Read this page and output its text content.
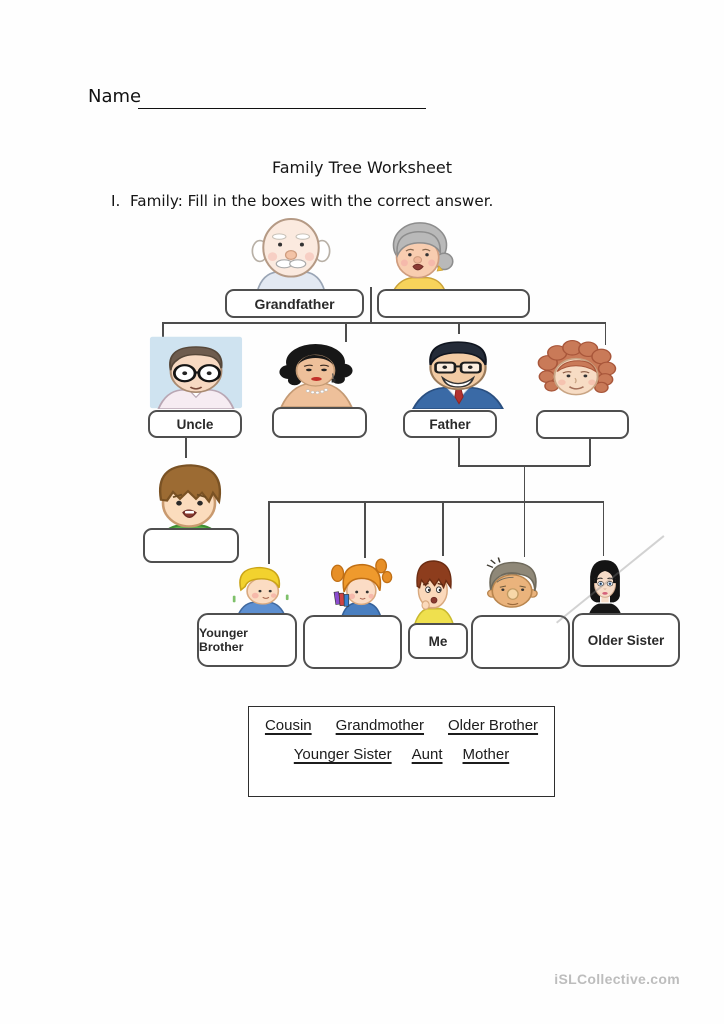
Name
Family Tree Worksheet
I.  Family: Fill in the boxes with the correct answer.
Grandfather
Uncle	Father
Younger Brother	Me	Older Sister
Cousin Grandmother Older Brother
Younger Sister Aunt Mother
iSLCollective.com
